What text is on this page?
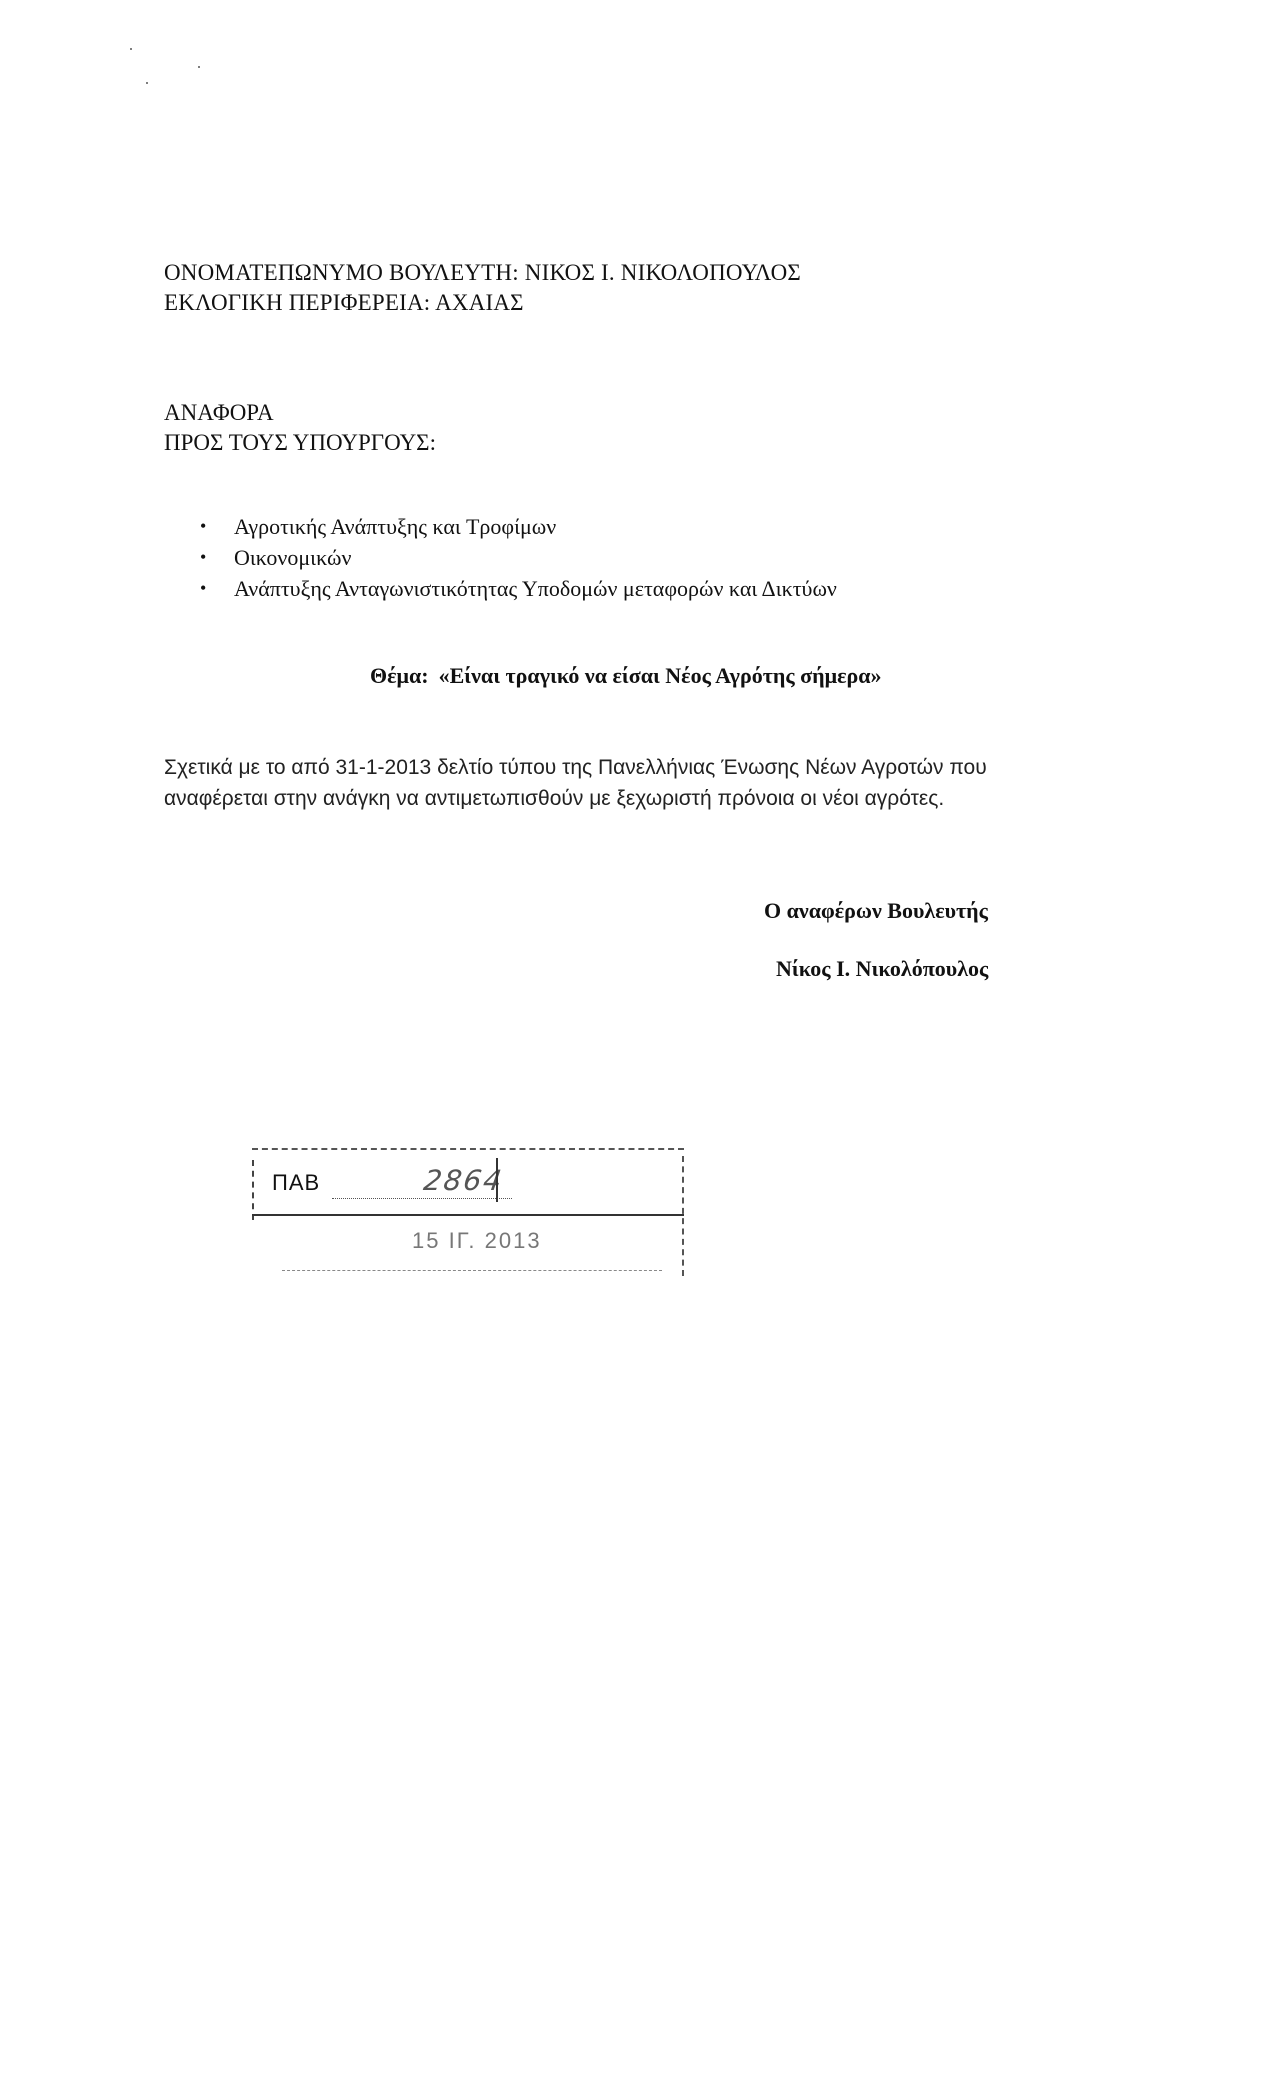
ΟΝΟΜΑΤΕΠΩΝΥΜΟ ΒΟΥΛΕΥΤΗ: ΝΙΚΟΣ Ι. ΝΙΚΟΛΟΠΟΥΛΟΣ
ΕΚΛΟΓΙΚΗ ΠΕΡΙΦΕΡΕΙΑ: ΑΧΑΙΑΣ
ΑΝΑΦΟΡΑ
ΠΡΟΣ ΤΟΥΣ ΥΠΟΥΡΓΟΥΣ:
• Αγροτικής Ανάπτυξης και Τροφίμων
• Οικονομικών
• Ανάπτυξης Ανταγωνιστικότητας Υποδομών μεταφορών και Δικτύων
Θέμα: «Είναι τραγικό να είσαι Νέος Αγρότης σήμερα»
Σχετικά με το από 31-1-2013 δελτίο τύπου της Πανελλήνιας Ένωσης Νέων Αγροτών που
αναφέρεται στην ανάγκη να αντιμετωπισθούν με ξεχωριστή πρόνοια οι νέοι αγρότες.
Ο αναφέρων Βουλευτής
Νίκος Ι. Νικολόπουλος
ΠΑΒ	2864
15 ΙΓ. 2013
